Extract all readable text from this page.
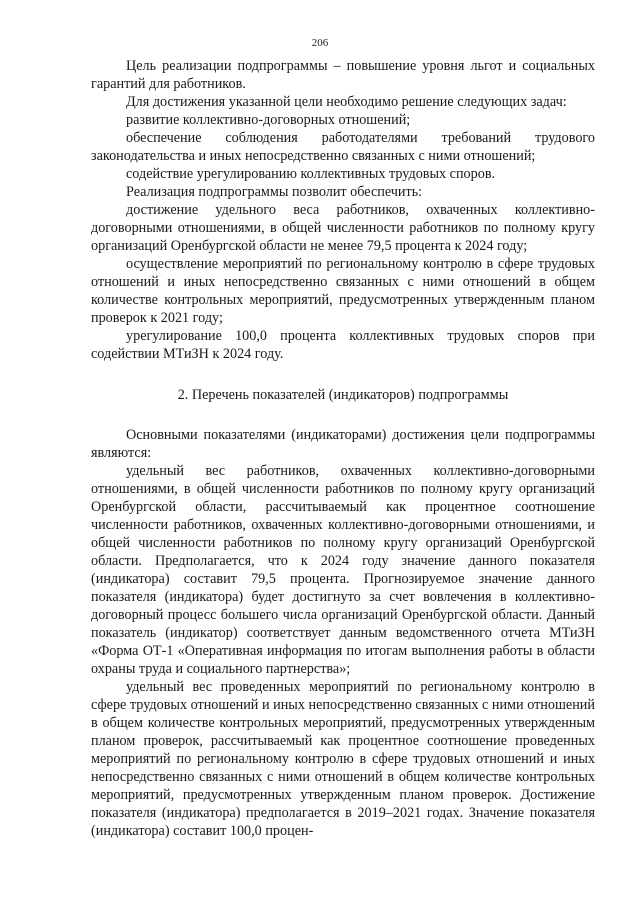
206

Цель реализации подпрограммы – повышение уровня льгот и социальных гарантий для работников.

Для достижения указанной цели необходимо решение следующих задач:

развитие коллективно-договорных отношений;

обеспечение соблюдения работодателями требований трудового законодательства и иных непосредственно связанных с ними отношений;

содействие урегулированию коллективных трудовых споров.

Реализация подпрограммы позволит обеспечить:

достижение удельного веса работников, охваченных коллективно-договорными отношениями, в общей численности работников по полному кругу организаций Оренбургской области не менее 79,5 процента к 2024 году;

осуществление мероприятий по региональному контролю в сфере трудовых отношений и иных непосредственно связанных с ними отношений в общем количестве контрольных мероприятий, предусмотренных утвержденным планом проверок к 2021 году;

урегулирование 100,0 процента коллективных трудовых споров при содействии МТиЗН к 2024 году.

2. Перечень показателей (индикаторов) подпрограммы

Основными показателями (индикаторами) достижения цели подпрограммы являются:

удельный вес работников, охваченных коллективно-договорными отношениями, в общей численности работников по полному кругу организаций Оренбургской области, рассчитываемый как процентное соотношение численности работников, охваченных коллективно-договорными отношениями, и общей численности работников по полному кругу организаций Оренбургской области. Предполагается, что к 2024 году значение данного показателя (индикатора) составит 79,5 процента. Прогнозируемое значение данного показателя (индикатора) будет достигнуто за счет вовлечения в коллективно-договорный процесс большего числа организаций Оренбургской области. Данный показатель (индикатор) соответствует данным ведомственного отчета МТиЗН «Форма ОТ-1 «Оперативная информация по итогам выполнения работы в области охраны труда и социального партнерства»;

удельный вес проведенных мероприятий по региональному контролю в сфере трудовых отношений и иных непосредственно связанных с ними отношений в общем количестве контрольных мероприятий, предусмотренных утвержденным планом проверок, рассчитываемый как процентное соотношение проведенных мероприятий по региональному контролю в сфере трудовых отношений и иных непосредственно связанных с ними отношений в общем количестве контрольных мероприятий, предусмотренных утвержденным планом проверок. Достижение показателя (индикатора) предполагается в 2019–2021 годах. Значение показателя (индикатора) составит 100,0 процен-
